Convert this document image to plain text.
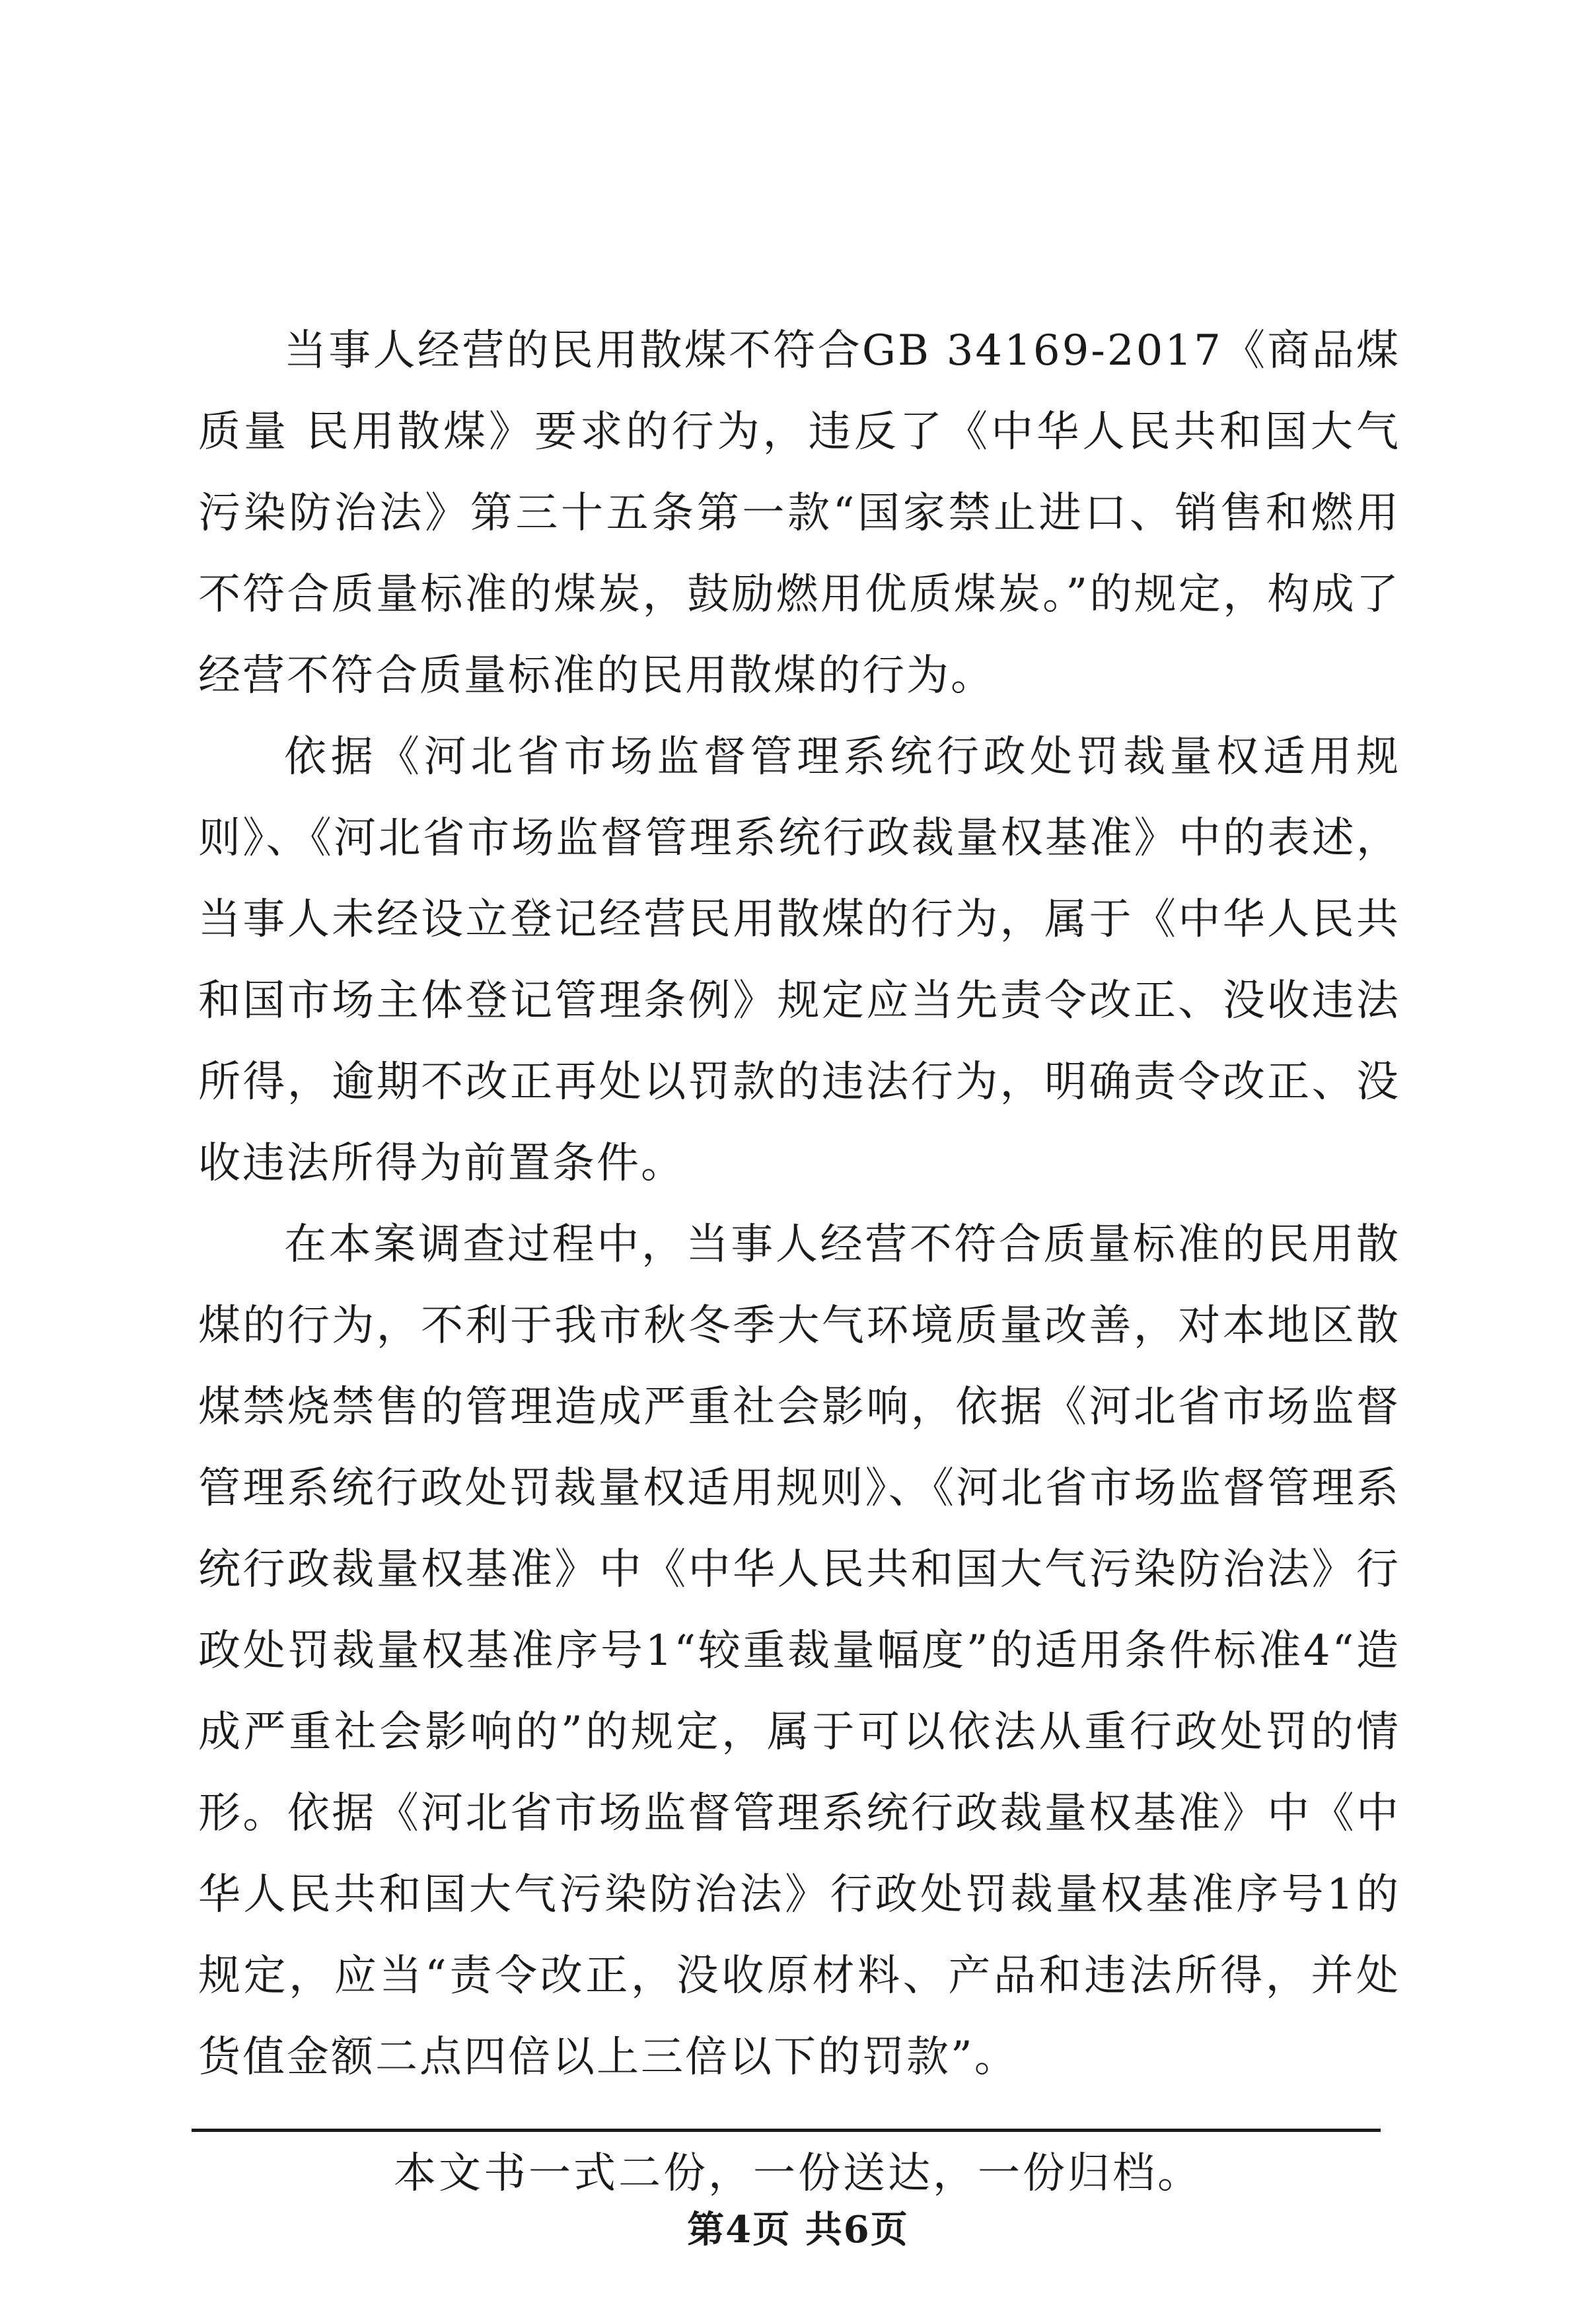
当事人经营的民用散煤不符合GB 34169-2017《商品煤质量 民用散煤》要求的行为，违反了《中华人民共和国大气污染防治法》第三十五条第一款“国家禁止进口、销售和燃用不符合质量标准的煤炭，鼓励燃用优质煤炭。”的规定，构成了经营不符合质量标准的民用散煤的行为。

依据《河北省市场监督管理系统行政处罚裁量权适用规则》、《河北省市场监督管理系统行政裁量权基准》中的表述，当事人未经设立登记经营民用散煤的行为，属于《中华人民共和国市场主体登记管理条例》规定应当先责令改正、没收违法所得，逾期不改正再处以罚款的违法行为，明确责令改正、没收违法所得为前置条件。

在本案调查过程中，当事人经营不符合质量标准的民用散煤的行为，不利于我市秋冬季大气环境质量改善，对本地区散煤禁烧禁售的管理造成严重社会影响，依据《河北省市场监督管理系统行政处罚裁量权适用规则》、《河北省市场监督管理系统行政裁量权基准》中《中华人民共和国大气污染防治法》行政处罚裁量权基准序号1“较重裁量幅度”的适用条件标准4“造成严重社会影响的”的规定，属于可以依法从重行政处罚的情形。依据《河北省市场监督管理系统行政裁量权基准》中《中华人民共和国大气污染防治法》行政处罚裁量权基准序号1的规定，应当“责令改正，没收原材料、产品和违法所得，并处货值金额二点四倍以上三倍以下的罚款”。

本文书一式二份，一份送达，一份归档。
第4页 共6页
